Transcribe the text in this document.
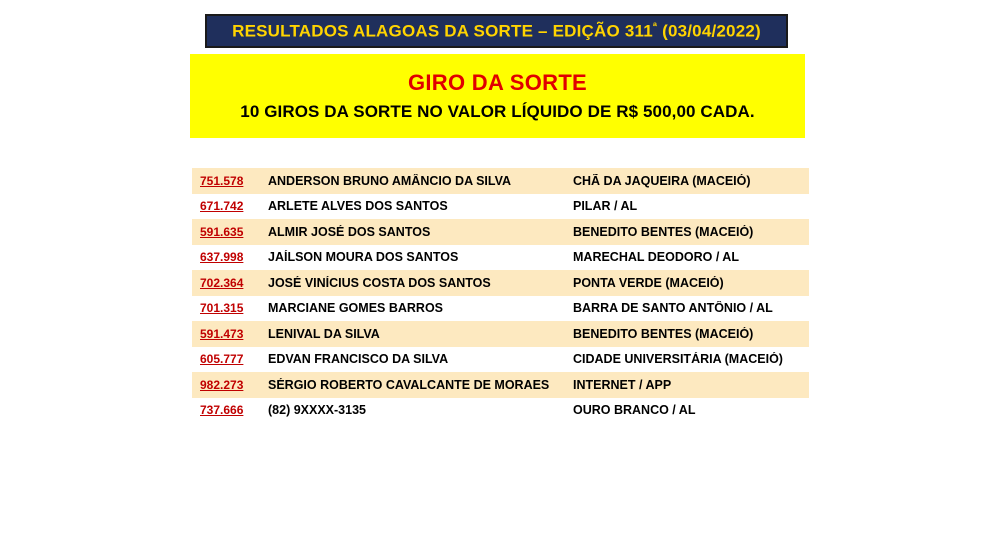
RESULTADOS ALAGOAS DA SORTE – EDIÇÃO $311^ª$ (03/04/2022)
GIRO DA SORTE
10 GIROS DA SORTE NO VALOR LÍQUIDO DE R$ 500,00 CADA.
751.578	ANDERSON BRUNO AMÂNCIO DA SILVA	CHÃ DA JAQUEIRA (MACEIÓ)
671.742	ARLETE ALVES DOS SANTOS	PILAR / AL
591.635	ALMIR JOSÉ DOS SANTOS	BENEDITO BENTES (MACEIÓ)
637.998	JAÍLSON MOURA DOS SANTOS	MARECHAL DEODORO / AL
702.364	JOSÉ VINÍCIUS COSTA DOS SANTOS	PONTA VERDE (MACEIÓ)
701.315	MARCIANE GOMES BARROS	BARRA DE SANTO ANTÔNIO / AL
591.473	LENIVAL DA SILVA	BENEDITO BENTES (MACEIÓ)
605.777	EDVAN FRANCISCO DA SILVA	CIDADE UNIVERSITÁRIA (MACEIÓ)
982.273	SÉRGIO ROBERTO CAVALCANTE DE MORAES	INTERNET / APP
737.666	(82) 9XXXX-3135	OURO BRANCO / AL
